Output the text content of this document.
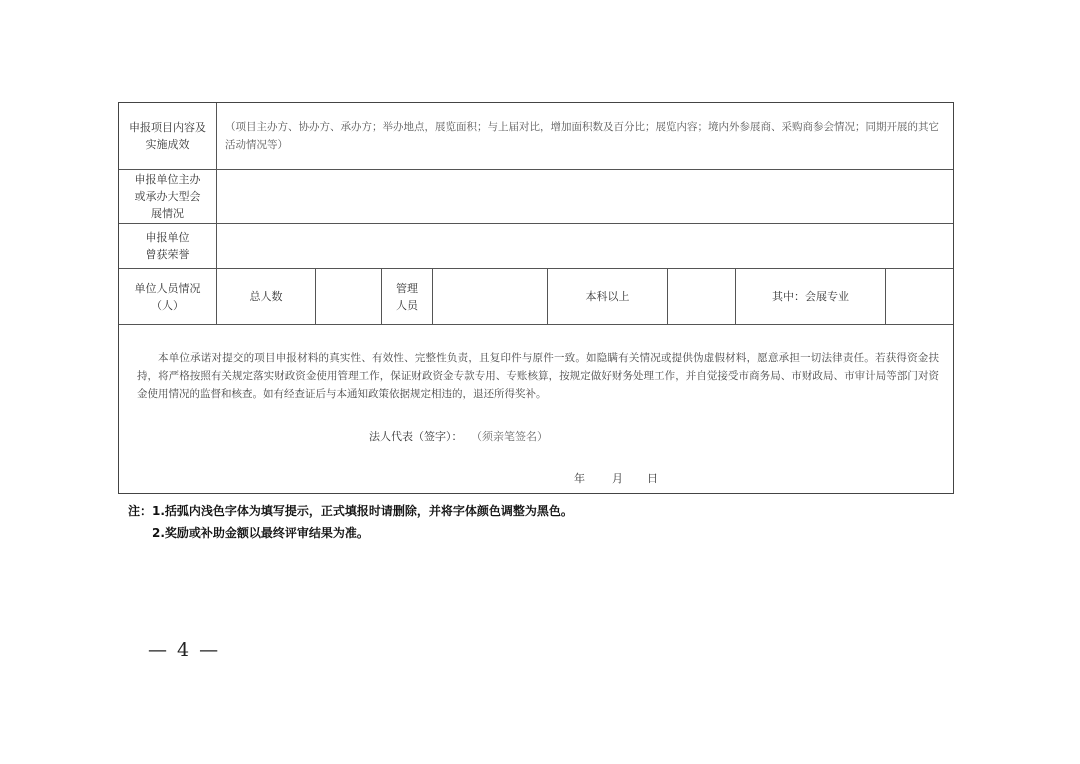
申报项目内容及实施成效
（项目主办方、协办方、承办方；举办地点，展览面积；与上届对比，增加面积数及百分比；展览内容；境内外参展商、采购商参会情况；同期开展的其它活动情况等）
申报单位主办或承办大型会展情况
申报单位曾获荣誉
单位人员情况（人）
总人数
管理人员
本科以上	其中：会展专业
本单位承诺对提交的项目申报材料的真实性、有效性、完整性负责，且复印件与原件一致。如隐瞒有关情况或提供伪虚假材料，愿意承担一切法律责任。若获得资金扶持，将严格按照有关规定落实财政资金使用管理工作，保证财政资金专款专用、专账核算，按规定做好财务处理工作，并自觉接受市商务局、市财政局、市审计局等部门对资金使用情况的监督和核查。如有经查证后与本通知政策依据规定相违的，退还所得奖补。
法人代表（签字）： （须亲笔签名）
年 月 日
注：1.括弧内浅色字体为填写提示，正式填报时请删除，并将字体颜色调整为黑色。
2.奖励或补助金额以最终评审结果为准。
— 4 —
